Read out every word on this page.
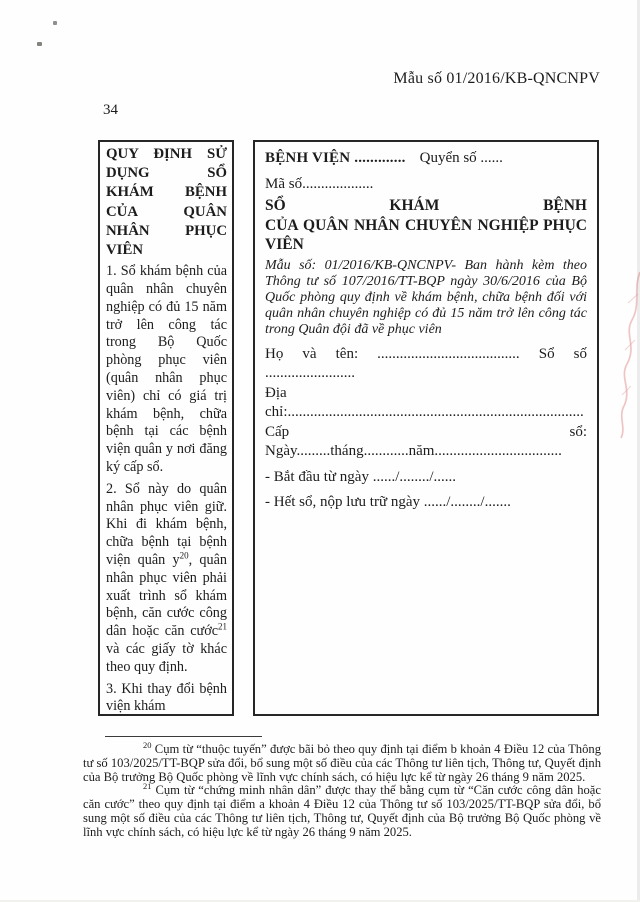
Mẫu số 01/2016/KB-QNCNPV
34
QUY ĐỊNH SỬ
DỤNG SỔ
KHÁM BỆNH
CỦA QUÂN
NHÂN PHỤC
VIÊN

1. Sổ khám bệnh của quân nhân chuyên nghiệp có đủ 15 năm trở lên công tác trong Bộ Quốc phòng phục viên (quân nhân phục viên) chỉ có giá trị khám bệnh, chữa bệnh tại các bệnh viện quân y nơi đăng ký cấp sổ.

2. Sổ này do quân nhân phục viên giữ. Khi đi khám bệnh, chữa bệnh tại bệnh viện quân y$^{20}$, quân nhân phục viên phải xuất trình sổ khám bệnh, căn cước công dân hoặc căn cước$^{21}$ và các giấy tờ khác theo quy định.

3. Khi thay đổi bệnh viện khám

BỆNH VIỆN ............. Quyển số ......
Mã số...................
SỔ KHÁM BỆNH
CỦA QUÂN NHÂN CHUYÊN NGHIỆP PHỤC
VIÊN
Mẫu số: 01/2016/KB-QNCNPV- Ban hành kèm theo Thông tư số 107/2016/TT-BQP ngày 30/6/2016 của Bộ Quốc phòng quy định về khám bệnh, chữa bệnh đối với quân nhân chuyên nghiệp có đủ 15 năm trở lên công tác trong Quân đội đã về phục viên
Họ và tên: ...................................... Sổ số
........................
Địa
chỉ:...............................................................................
Cấp sổ:
Ngày.........tháng............năm..................................
- Bắt đầu từ ngày ....../......../......
- Hết sổ, nộp lưu trữ ngày ....../......../.......

$^{20}$ Cụm từ “thuộc tuyến” được bãi bỏ theo quy định tại điểm b khoản 4 Điều 12 của Thông tư số 103/2025/TT-BQP sửa đổi, bổ sung một số điều của các Thông tư liên tịch, Thông tư, Quyết định của Bộ trưởng Bộ Quốc phòng về lĩnh vực chính sách, có hiệu lực kể từ ngày 26 tháng 9 năm 2025.

$^{21}$ Cụm từ “chứng minh nhân dân” được thay thế bằng cụm từ “Căn cước công dân hoặc căn cước” theo quy định tại điểm a khoản 4 Điều 12 của Thông tư số 103/2025/TT-BQP sửa đổi, bổ sung một số điều của các Thông tư liên tịch, Thông tư, Quyết định của Bộ trưởng Bộ Quốc phòng về lĩnh vực chính sách, có hiệu lực kể từ ngày 26 tháng 9 năm 2025.
